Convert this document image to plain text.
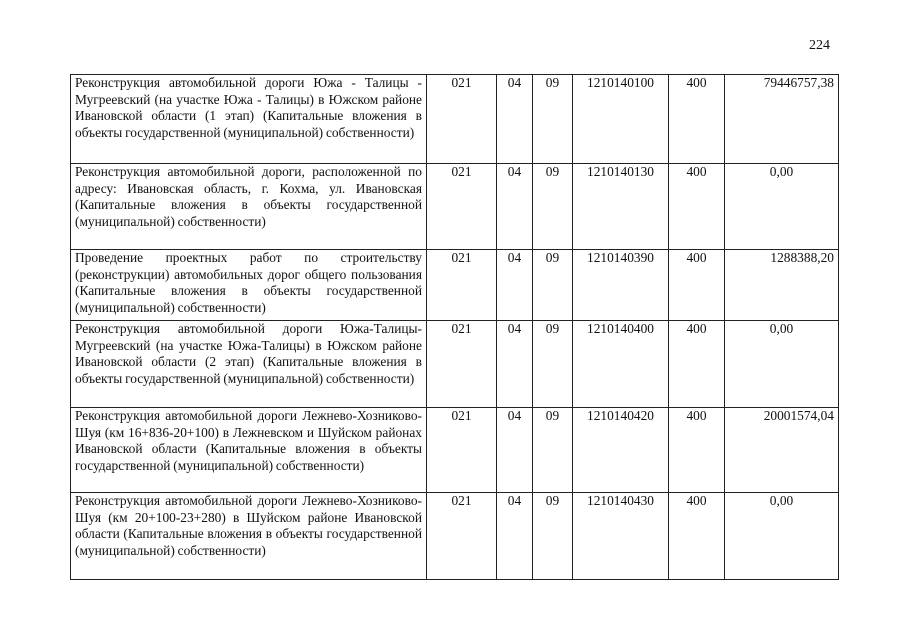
224
Реконструкция автомобильной дороги Южа - Талицы - Мугреевский (на участке Южа - Талицы) в Южском районе Ивановской области (1 этап) (Капитальные вложения в объекты государственной (муниципальной) собственности)	021	04	09	1210140100	400	79446757,38
Реконструкция автомобильной дороги, расположенной по адресу: Ивановская область, г. Кохма, ул. Ивановская (Капитальные вложения в объекты государственной (муниципальной) собственности)	021	04	09	1210140130	400	0,00
Проведение проектных работ по строительству (реконструкции) автомобильных дорог общего пользования (Капитальные вложения в объекты государственной (муниципальной) собственности)	021	04	09	1210140390	400	1288388,20
Реконструкция автомобильной дороги Южа-Талицы-Мугреевский (на участке Южа-Талицы) в Южском районе Ивановской области (2 этап) (Капитальные вложения в объекты государственной (муниципальной) собственности)	021	04	09	1210140400	400	0,00
Реконструкция автомобильной дороги Лежнево-Хозниково-Шуя (км 16+836-20+100) в Лежневском и Шуйском районах Ивановской области (Капитальные вложения в объекты государственной (муниципальной) собственности)	021	04	09	1210140420	400	20001574,04
Реконструкция автомобильной дороги Лежнево-Хозниково-Шуя (км 20+100-23+280) в Шуйском районе Ивановской области (Капитальные вложения в объекты государственной (муниципальной) собственности)	021	04	09	1210140430	400	0,00
